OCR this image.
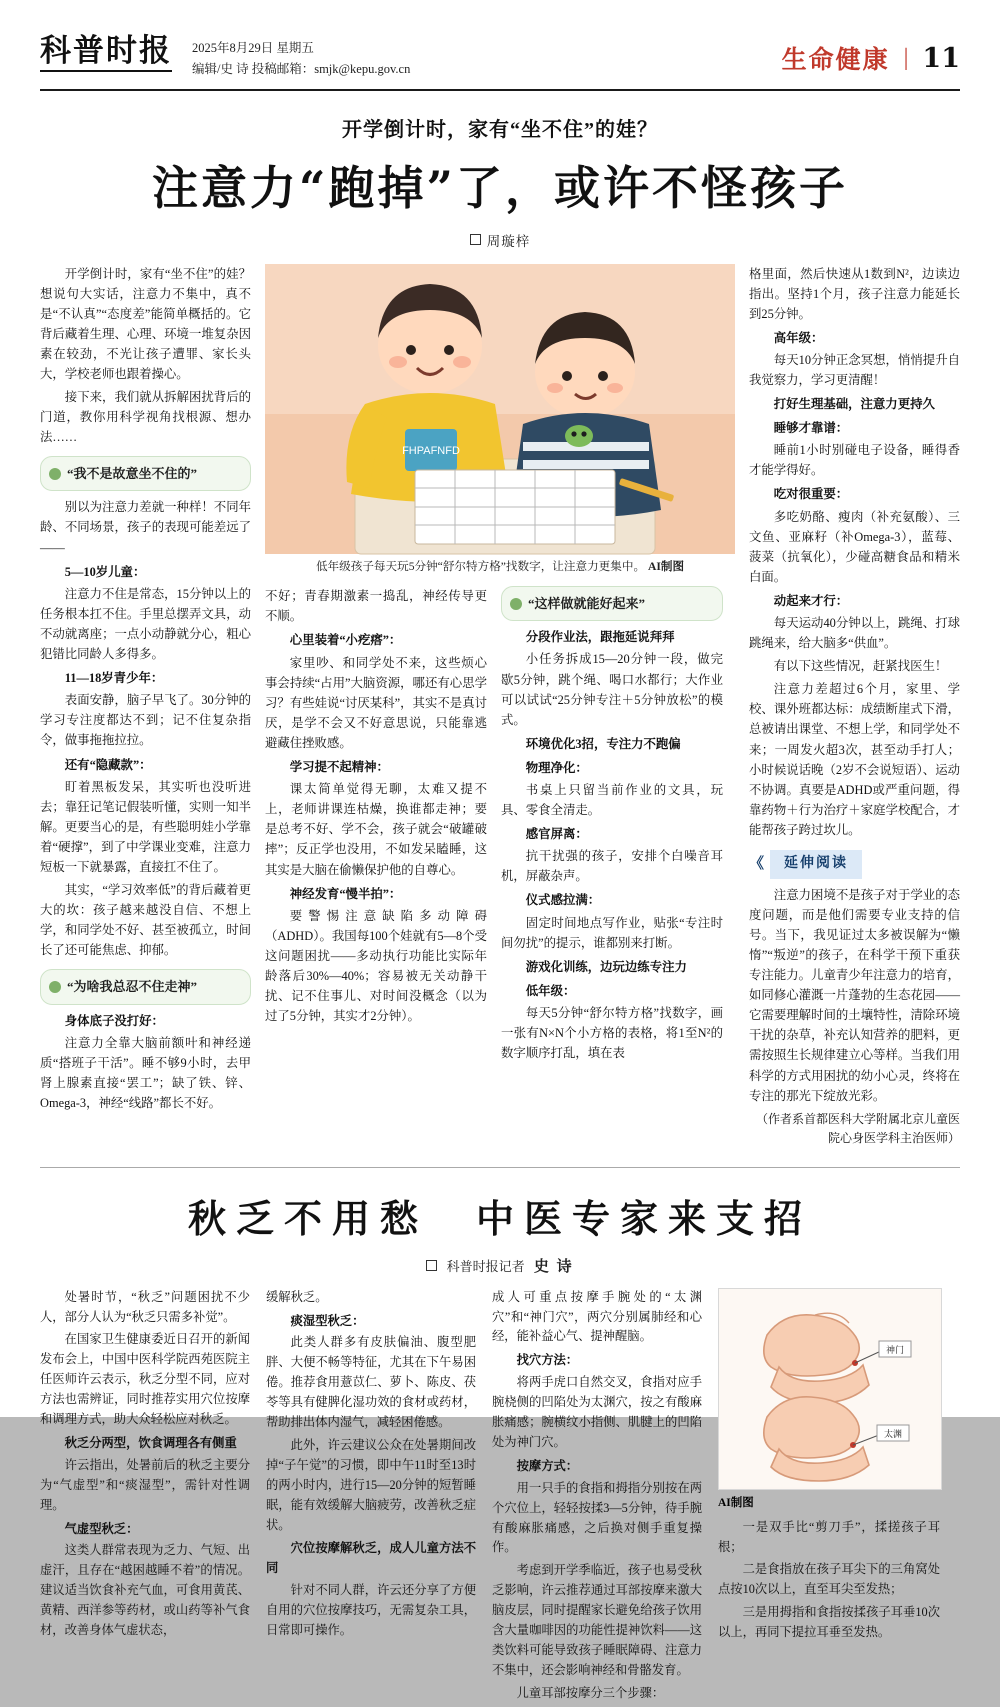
科普时报 2025年8月29日 星期五
编辑/史 诗 投稿邮箱：smjk@kepu.gov.cn	生命健康 | 11
开学倒计时，家有“坐不住”的娃？
注意力“跑掉”了，或许不怪孩子
周璇梓

开学倒计时，家有“坐不住”的娃？想说句大实话，注意力不集中，真不是“不认真”“态度差”能简单概括的。它背后藏着生理、心理、环境一堆复杂因素在较劲，不光让孩子遭罪、家长头大，学校老师也跟着操心。

接下来，我们就从拆解困扰背后的门道，教你用科学视角找根源、想办法……

“我不是故意坐不住的”

别以为注意力差就一种样！不同年龄、不同场景，孩子的表现可能差远了——

5—10岁儿童：

注意力不住是常态，15分钟以上的任务根本扛不住。手里总摆弄文具，动不动就离座；一点小动静就分心，粗心犯错比同龄人多得多。

11—18岁青少年：

表面安静，脑子早飞了。30分钟的学习专注度都达不到；记不住复杂指令，做事拖拖拉拉。

还有“隐藏款”：

盯着黑板发呆，其实听也没听进去；靠狂记笔记假装听懂，实则一知半解。更要当心的是，有些聪明娃小学靠着“硬撑”，到了中学课业变难，注意力短板一下就暴露，直接扛不住了。

其实，“学习效率低”的背后藏着更大的坎：孩子越来越没自信、不想上学，和同学处不好、甚至被孤立，时间长了还可能焦虑、抑郁。

“为啥我总忍不住走神”

身体底子没打好：

注意力全靠大脑前额叶和神经递质“搭班子干活”。睡不够9小时，去甲肾上腺素直接“罢工”；缺了铁、锌、Omega-3，神经“线路”都长不好。

FHPAFNFD
低年级孩子每天玩5分钟“舒尔特方格”找数字，让注意力更集中。 AI制图

不好；青春期激素一捣乱，神经传导更不顺。

心里装着“小疙瘩”：

家里吵、和同学处不来，这些烦心事会持续“占用”大脑资源，哪还有心思学习？有些娃说“讨厌某科”，其实不是真讨厌，是学不会又不好意思说，只能靠逃避藏住挫败感。

学习提不起精神：

课太简单觉得无聊，太难又提不上，老师讲课连枯燥，换谁都走神；要是总考不好、学不会，孩子就会“破罐破摔”；反正学也没用，不如发呆瞌睡，这其实是大脑在偷懒保护他的自尊心。

神经发育“慢半拍”：

要警惕注意缺陷多动障碍（ADHD）。我国每100个娃就有5—8个受这问题困扰——多动执行功能比实际年龄落后30%—40%；容易被无关动静干扰、记不住事儿、对时间没概念（以为过了5分钟，其实才2分钟）。

“这样做就能好起来”

分段作业法，跟拖延说拜拜

小任务拆成15—20分钟一段，做完歇5分钟，跳个绳、喝口水都行；大作业可以试试“25分钟专注＋5分钟放松”的模式。

环境优化3招，专注力不跑偏

物理净化：

书桌上只留当前作业的文具，玩具、零食全清走。

感官屏离：

抗干扰强的孩子，安排个白噪音耳机，屏蔽杂声。

仪式感拉满：

固定时间地点写作业，贴张“专注时间勿扰”的提示，谁都别来打断。

游戏化训练，边玩边练专注力

低年级：

每天5分钟“舒尔特方格”找数字，画一张有N×N个小方格的表格，将1至N²的数字顺序打乱，填在表

格里面，然后快速从1数到N²，边读边指出。坚持1个月，孩子注意力能延长到25分钟。

高年级：

每天10分钟正念冥想，悄悄提升自我觉察力，学习更清醒！

打好生理基础，注意力更持久

睡够才靠谱：

睡前1小时别碰电子设备，睡得香才能学得好。

吃对很重要：

多吃奶酪、瘦肉（补充氨酸）、三文鱼、亚麻籽（补Omega-3），蓝莓、菠菜（抗氧化），少碰高糖食品和精米白面。

动起来才行：

每天运动40分钟以上，跳绳、打球跳绳来，给大脑多“供血”。

有以下这些情况，赶紧找医生！

注意力差超过6个月，家里、学校、课外班都达标：成绩断崖式下滑，总被请出课堂、不想上学，和同学处不来；一周发火超3次，甚至动手打人；小时候说话晚（2岁不会说短语）、运动不协调。真要是ADHD或严重问题，得靠药物＋行为治疗＋家庭学校配合，才能帮孩子跨过坎儿。

《	延伸阅读

注意力困境不是孩子对于学业的态度问题，而是他们需要专业支持的信号。当下，我见证过太多被误解为“懒惰”“叛逆”的孩子，在科学干预下重获专注能力。儿童青少年注意力的培育，如同修心灌溉一片蓬勃的生态花园——它需要理解时间的土壤特性，清除环境干扰的杂草，补充认知营养的肥料，更需按照生长规律建立心等样。当我们用科学的方式用困扰的幼小心灵，终将在专注的那光下绽放光彩。

（作者系首都医科大学附属北京儿童医院心身医学科主治医师）
秋乏不用愁　中医专家来支招
科普时报记者 史 诗

处暑时节，“秋乏”问题困扰不少人，部分人认为“秋乏只需多补觉”。

在国家卫生健康委近日召开的新闻发布会上，中国中医科学院西苑医院主任医师许云表示，秋乏分型不同，应对方法也需辨证，同时推荐实用穴位按摩和调理方式，助大众轻松应对秋乏。

秋乏分两型，饮食调理各有侧重

许云指出，处暑前后的秋乏主要分为“气虚型”和“痰湿型”，需针对性调理。

气虚型秋乏：

这类人群常表现为乏力、气短、出虚汗，且存在“越困越睡不着”的情况。建议适当饮食补充气血，可食用黄芪、黄精、西洋参等药材，或山药等补气食材，改善身体气虚状态，

缓解秋乏。

痰湿型秋乏：

此类人群多有皮肤偏油、腹型肥胖、大便不畅等特征，尤其在下午易困倦。推荐食用薏苡仁、萝卜、陈皮、茯苓等具有健脾化湿功效的食材或药材，帮助排出体内湿气，减轻困倦感。

此外，许云建议公众在处暑期间改掉“子午觉”的习惯，即中午11时至13时的两小时内，进行15—20分钟的短暂睡眠，能有效缓解大脑疲劳，改善秋乏症状。

穴位按摩解秋乏，成人儿童方法不同

针对不同人群，许云还分享了方便自用的穴位按摩技巧，无需复杂工具，日常即可操作。

成人可重点按摩手腕处的“太渊穴”和“神门穴”，两穴分别属肺经和心经，能补益心气、提神醒脑。

找穴方法：

将两手虎口自然交叉，食指对应手腕桡侧的凹陷处为太渊穴，按之有酸麻胀痛感；腕横纹小指侧、肌腱上的凹陷处为神门穴。

按摩方式：

用一只手的食指和拇指分别按在两个穴位上，轻轻按揉3—5分钟，待手腕有酸麻胀痛感，之后换对侧手重复操作。

考虑到开学季临近，孩子也易受秋乏影响，许云推荐通过耳部按摩来激大脑皮层，同时提醒家长避免给孩子饮用含大量咖啡因的功能性提神饮料——这类饮料可能导致孩子睡眠障碍、注意力不集中，还会影响神经和骨骼发育。

儿童耳部按摩分三个步骤：

神门
太渊
AI制图

一是双手比“剪刀手”，揉搓孩子耳根；

二是食指放在孩子耳尖下的三角窝处点按10次以上，直至耳尖至发热；

三是用拇指和食指按揉孩子耳垂10次以上，再同下提拉耳垂至发热。
